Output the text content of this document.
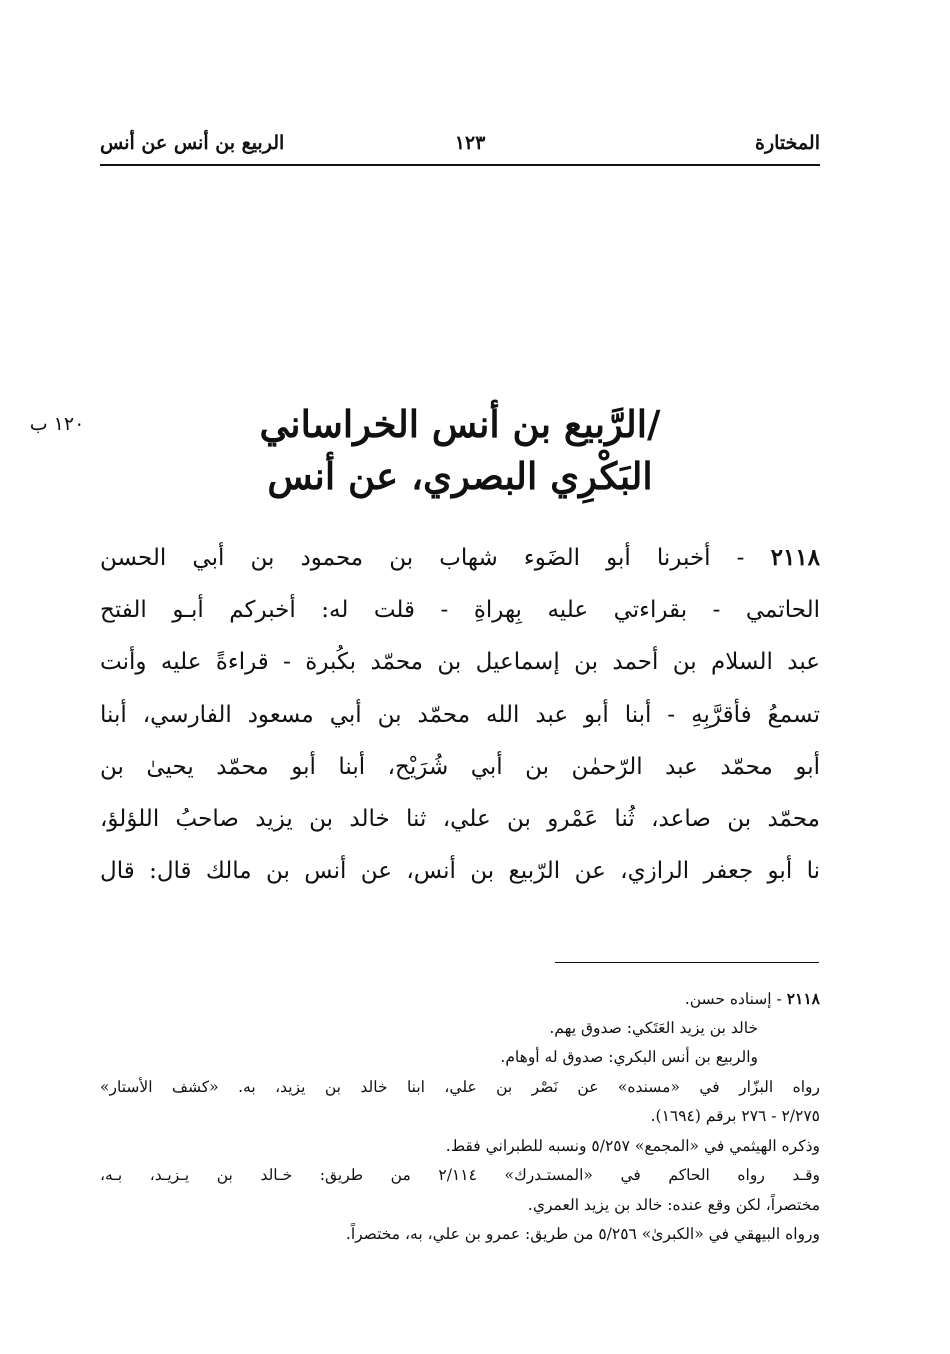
المختارة
١٢٣
الربيع بن أنس عن أنس
١٢٠ ب	/الرَّبيع بن أنس الخراساني
البَكْرِي البصري، عن أنس
٢١١٨ - أخبرنا أبو الضَوء شهاب بن محمود بن أبي الحسن
الحاتمي - بقراءتي عليه بِهراةِ - قلت له: أخبركم أبـو الفتح
عبد السلام بن أحمد بن إسماعيل بن محمّد بكُبرة - قراءةً عليه وأنت
تسمعُ فأقرَّبِهِ - أبنا أبو عبد الله محمّد بن أبي مسعود الفارسي، أبنا
أبو محمّد عبد الرّحمٰن بن أبي شُرَيْح، أبنا أبو محمّد يحيىٰ بن
محمّد بن صاعد، ثُنا عَمْرو بن علي، ثنا خالد بن يزيد صاحبُ اللؤلؤ،
نا أبو جعفر الرازي، عن الرّبيع بن أنس، عن أنس بن مالك قال: قال
٢١١٨ - إسناده حسن.
خالد بن يزيد العَتَكي: صدوق يهم.
والربيع بن أنس البكري: صدوق له أوهام.
رواه البزّار في «مسنده» عن نَصْر بن علي، ابنا خالد بن يزيد، به. «كشف الأستار»
٢/٢٧٥ - ٢٧٦ برقم (١٦٩٤).
وذكره الهيثمي في «المجمع» ٥/٢٥٧ ونسبه للطبراني فقط.
وقـد رواه الحاكم في «المستـدرك» ٢/١١٤ من طريق: خـالد بن يـزيـد، بـه،
مختصراً، لكن وقع عنده: خالد بن يزيد العمري.
ورواه البيهقي في «الكبرىٰ» ٥/٢٥٦ من طريق: عمرو بن علي، به، مختصراً.
